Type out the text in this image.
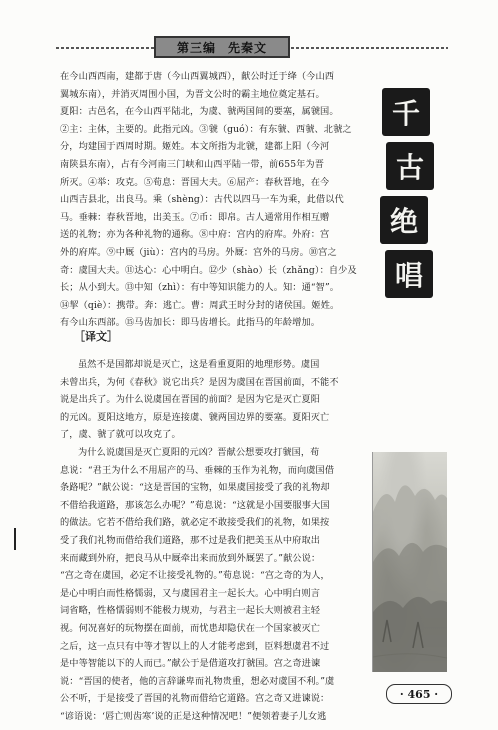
第三编 先秦文
在今山西西南，建都于唐（今山西翼城西），献公时迁于绛（今山西
翼城东南），并消灭周围小国，为晋文公时的霸主地位奠定基石。
夏阳：古邑名，在今山西平陆北，为虞、虢两国间的要塞，属虢国。
②主：主体，主要的。此指元凶。③虢（guó）：有东虢、西虢、北虢之
分，均建国于西周时期。姬姓。本文所指为北虢，建都上阳（今河
南陕县东南），占有今河南三门峡和山西平陆一带，前655年为晋
所灭。④举：攻克。⑤荀息：晋国大夫。⑥屈产：春秋晋地，在今
山西吉县北，出良马。乘（shèng）：古代以四马一车为乘，此借以代
马。垂棘：春秋晋地，出美玉。⑦币：即帛。古人通常用作相互赠
送的礼物；亦为各种礼物的通称。⑧中府：宫内的府库。外府：宫
外的府库。⑨中厩（jiù）：宫内的马房。外厩：宫外的马房。⑩宫之
奇：虞国大夫。⑪达心：心中明白。⑫少（shào）长（zhǎng）：自少及
长；从小到大。⑬中知（zhì）：有中等知识能力的人。知：通“智”。
⑭挈（qiè）：携带。奔：逃亡。曹：周武王时分封的诸侯国。姬姓。
有今山东西部。⑮马齿加长：即马齿增长。此指马的年龄增加。
千
古
绝
唱
［译文］
虽然不是国都却说是灭亡，这是看重夏阳的地理形势。虞国
未曾出兵，为何《春秋》说它出兵？是因为虞国在晋国前面，不能不
说是出兵了。为什么说虞国在晋国的前面？是因为它是灭亡夏阳
的元凶。夏阳这地方，原是连接虞、虢两国边界的要塞。夏阳灭亡
了，虞、虢了就可以攻克了。
为什么说虞国是灭亡夏阳的元凶？晋献公想要攻打虢国，荀
息说：“君王为什么不用屈产的马、垂棘的玉作为礼物，而向虞国借
条路呢？”献公说：“这是晋国的宝物，如果虞国接受了我的礼物却
不借给我道路，那该怎么办呢？”荀息说：“这就是小国要服事大国
的做法。它若不借给我们路，就必定不敢接受我们的礼物，如果按
受了我们礼物而借给我们道路，那不过是我们把美玉从中府取出
来而藏到外府，把良马从中厩牵出来而放到外厩罢了。”献公说：
“宫之奇在虞国，必定不让接受礼物的。”荀息说：“宫之奇的为人，
是心中明白而性格懦弱，又与虞国君主一起长大。心中明白则言
词省略，性格懦弱则不能极力规劝，与君主一起长大则被君主轻
视。何况喜好的玩物摆在面前，而忧患却隐伏在一个国家被灭亡
之后，这一点只有中等才智以上的人才能考虑到，臣料想虞君不过
是中等智能以下的人而已。”献公于是借道攻打虢国。宫之奇进谏
说：“晋国的使者，他的言辞谦卑而礼物贵重，想必对虞国不利。”虞
公不听，于是接受了晋国的礼物而借给它道路。宫之奇又进谏说：
“谚语说：‘唇亡则齿寒’说的正是这种情况吧！”便领着妻子儿女逃
· 465 ·
